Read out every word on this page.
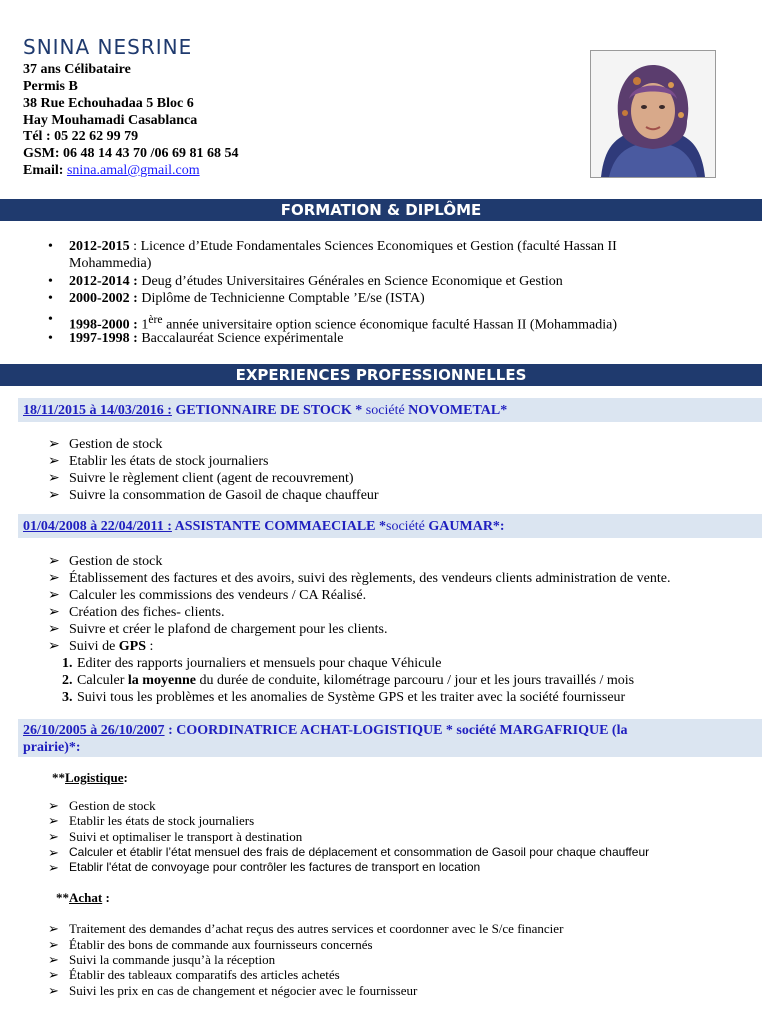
SNINA NESRINE
37 ans Célibataire
Permis B
38 Rue Echouhadaa 5 Bloc 6
Hay Mouhamadi Casablanca
Tél : 05 22 62 99 79
GSM: 06 48 14 43 70 /06 69 81 68 54
Email: snina.amal@gmail.com
FORMATION & DIPLÔME
• 2012-2015 : Licence d’Etude Fondamentales Sciences Economiques et Gestion (faculté Hassan II
Mohammedia)
• 2012-2014 : Deug d’études Universitaires Générales en Science Economique et Gestion
• 2000-2002 : Diplôme de Technicienne Comptable ’E/se (ISTA)
• 1998-2000 : 1ère année universitaire option science économique faculté Hassan II (Mohammadia)
• 1997-1998 : Baccalauréat Science expérimentale
EXPERIENCES PROFESSIONNELLES
18/11/2015 à 14/03/2016 : GETIONNAIRE DE STOCK * société NOVOMETAL*
➢ Gestion de stock
➢ Etablir les états de stock journaliers
➢ Suivre le règlement client (agent de recouvrement)
➢ Suivre la consommation de Gasoil de chaque chauffeur
01/04/2008 à 22/04/2011 : ASSISTANTE COMMAECIALE *société GAUMAR*:
➢ Gestion de stock
➢ Établissement des factures et des avoirs, suivi des règlements, des vendeurs clients administration de vente.
➢ Calculer les commissions des vendeurs / CA Réalisé.
➢ Création des fiches- clients.
➢ Suivre et créer le plafond de chargement pour les clients.
➢ Suivi de GPS :
1. Editer des rapports journaliers et mensuels pour chaque Véhicule
2. Calculer la moyenne du durée de conduite, kilométrage parcouru / jour et les jours travaillés / mois
3. Suivi tous les problèmes et les anomalies de Système GPS et les traiter avec la société fournisseur
26/10/2005 à 26/10/2007 : COORDINATRICE ACHAT-LOGISTIQUE * société MARGAFRIQUE (la
prairie)*:
**Logistique:
➢ Gestion de stock
➢ Etablir les états de stock journaliers
➢ Suivi et optimaliser le transport à destination
➢ Calculer et établir l’état mensuel des frais de déplacement et consommation de Gasoil pour chaque chauffeur
➢ Etablir l'état de convoyage pour contrôler les factures de transport en location
**Achat :
➢ Traitement des demandes d’achat reçus des autres services et coordonner avec le S/ce financier
➢ Établir des bons de commande aux fournisseurs concernés
➢ Suivi la commande jusqu’à la réception
➢ Établir des tableaux comparatifs des articles achetés
➢ Suivi les prix en cas de changement et négocier avec le fournisseur
